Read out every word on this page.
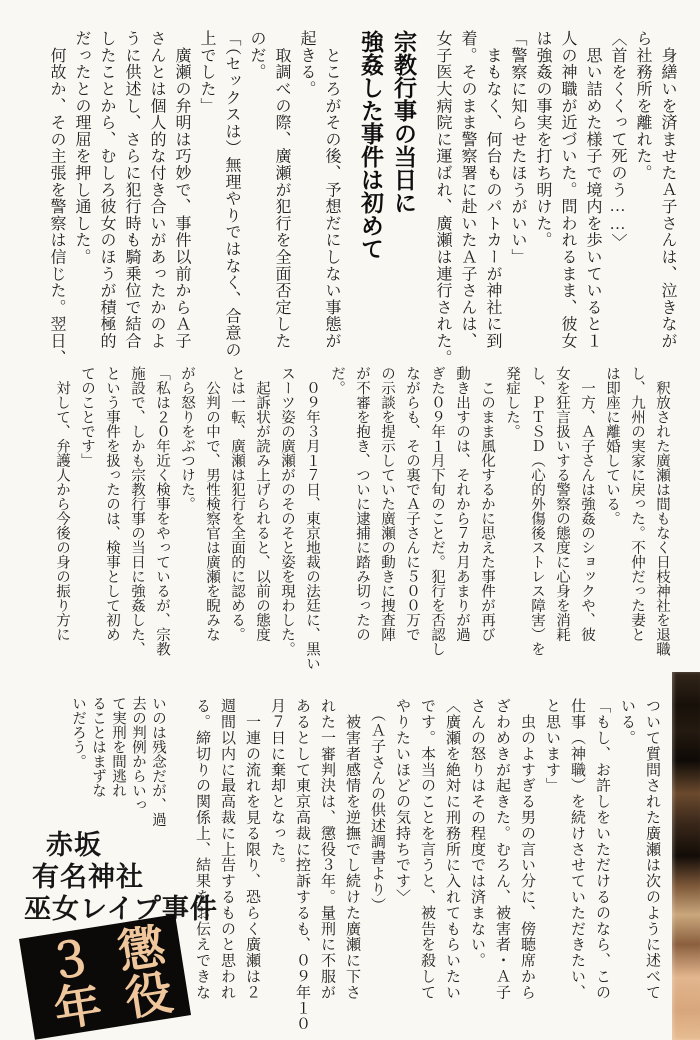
　身繕いを済ませたＡ子さんは、泣きなが

ら社務所を離れた。

〈首をくくって死のう……〉

　思い詰めた様子で境内を歩いていると１

人の神職が近づいた。問われるまま、彼女

は強姦の事実を打ち明けた。

「警察に知らせたほうがいい」

　まもなく、何台ものパトカーが神社に到

着。そのまま警察署に赴いたＡ子さんは、

女子医大病院に運ばれ、廣瀬は連行された。

宗教行事の当日に

強姦した事件は初めて

　ところがその後、予想だにしない事態が

起きる。

　取調べの際、廣瀬が犯行を全面否定した

のだ。

「（セックスは）無理やりではなく、合意の

上でした」

　廣瀬の弁明は巧妙で、事件以前からＡ子

さんとは個人的な付き合いがあったかのよ

うに供述し、さらに犯行時も騎乗位で結合

したことから、むしろ彼女のほうが積極的

だったとの理屈を押し通した。

　何故か、その主張を警察は信じた。翌日、

　釈放された廣瀬は間もなく日枝神社を退職

し、九州の実家に戻った。不仲だった妻と

は即座に離婚している。

　一方、Ａ子さんは強姦のショックや、彼

女を狂言扱いする警察の態度に心身を消耗

し、ＰＴＳＤ（心的外傷後ストレス障害）を

発症した。

　このまま風化するかに思えた事件が再び

動き出すのは、それから７カ月あまりが過

ぎた０９年１月下旬のことだ。犯行を否認し

ながらも、その裏でＡ子さんに５００万で

の示談を提示していた廣瀬の動きに捜査陣

が不審を抱き、ついに逮捕に踏み切ったの

だ。

　０９年３月１７日、東京地裁の法廷に、黒い

スーツ姿の廣瀬がのそのそと姿を現わした。

　起訴状が読み上げられると、以前の態度

とは一転、廣瀬は犯行を全面的に認める。

　公判の中で、男性検察官は廣瀬を睨みな

がら怒りをぶつけた。

「私は２０年近く検事をやっているが、宗教

施設で、しかも宗教行事の当日に強姦した、

という事件を扱ったのは、検事として初め

てのことです」

　対して、弁護人から今後の身の振り方に

ついて質問された廣瀬は次のように述べて

いる。

「もし、お許しをいただけるのなら、この

仕事（神職）を続けさせていただきたい、

と思います」

　虫のよすぎる男の言い分に、傍聴席から

ざわめきが起きた。むろん、被害者・Ａ子

さんの怒りはその程度では済まない。

〈廣瀬を絶対に刑務所に入れてもらいたい

です。本当のことを言うと、被告を殺して

やりたいほどの気持ちです〉

　（Ａ子さんの供述調書より）

　被害者感情を逆撫でし続けた廣瀬に下さ

れた一審判決は、懲役３年。量刑に不服が

あるとして東京高裁に控訴するも、０９年１０

月７日に棄却となった。

　一連の流れを見る限り、恐らく廣瀬は２

週間以内に最高裁に上告するものと思われ

る。締切りの関係上、結果をお伝えできな

いのは残念だが、過

去の判例からいっ

て実刑を間逃れ

ることはまずな

いだろう。

赤坂

有名神社

巫女レイプ事件

懲役

３年
